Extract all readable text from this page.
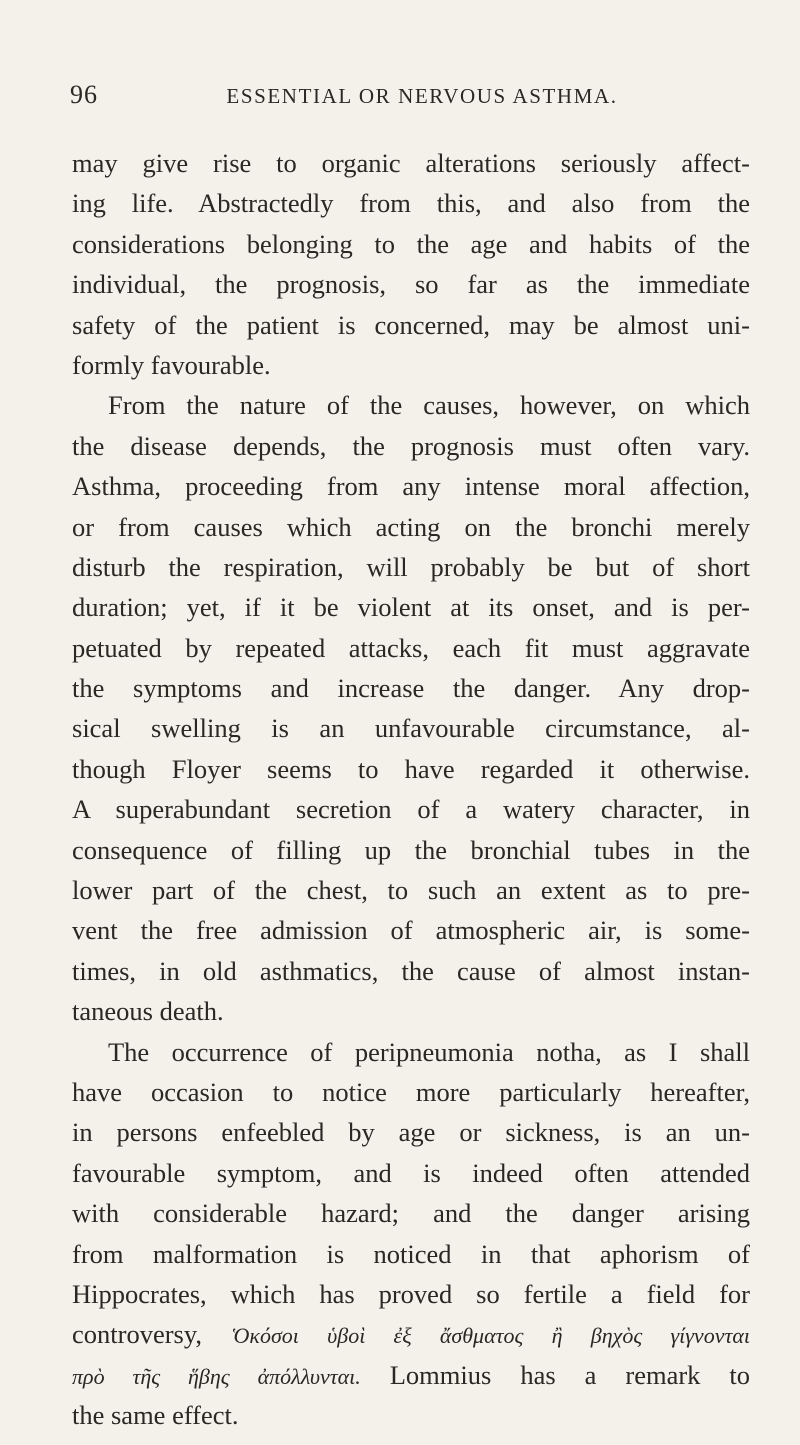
96	ESSENTIAL OR NERVOUS ASTHMA.
may give rise to organic alterations seriously affect-
ing life. Abstractedly from this, and also from the
considerations belonging to the age and habits of the
individual, the prognosis, so far as the immediate
safety of the patient is concerned, may be almost uni-
formly favourable.
From the nature of the causes, however, on which
the disease depends, the prognosis must often vary.
Asthma, proceeding from any intense moral affection,
or from causes which acting on the bronchi merely
disturb the respiration, will probably be but of short
duration; yet, if it be violent at its onset, and is per-
petuated by repeated attacks, each fit must aggravate
the symptoms and increase the danger. Any drop-
sical swelling is an unfavourable circumstance, al-
though Floyer seems to have regarded it otherwise.
A superabundant secretion of a watery character, in
consequence of filling up the bronchial tubes in the
lower part of the chest, to such an extent as to pre-
vent the free admission of atmospheric air, is some-
times, in old asthmatics, the cause of almost instan-
taneous death.
The occurrence of peripneumonia notha, as I shall
have occasion to notice more particularly hereafter,
in persons enfeebled by age or sickness, is an un-
favourable symptom, and is indeed often attended
with considerable hazard; and the danger arising
from malformation is noticed in that aphorism of
Hippocrates, which has proved so fertile a field for
controversy, Ὁκόσοι ὑβοὶ ἐξ ἄσθματος ἢ βηχὸς γίγνονται
πρὸ τῆς ἥβης ἀπόλλυνται. Lommius has a remark to
the same effect.
